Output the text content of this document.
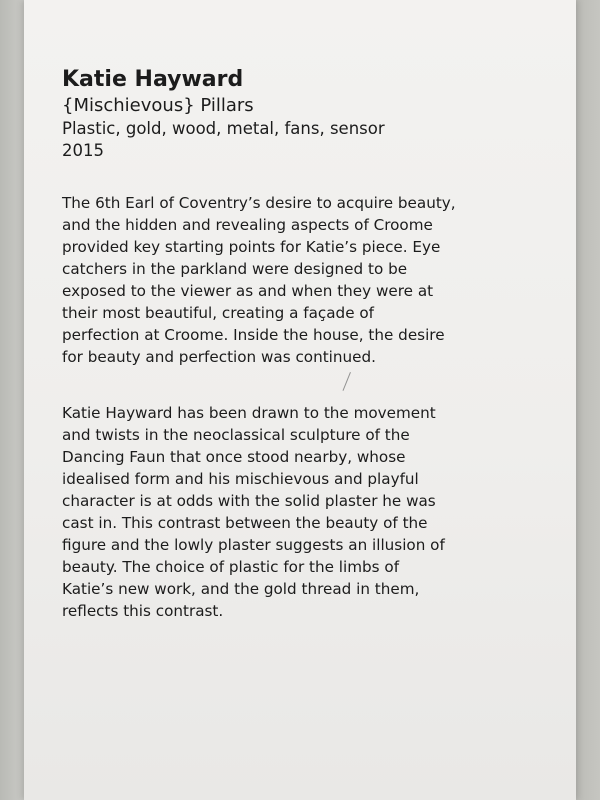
Katie Hayward

{Mischievous} Pillars

Plastic, gold, wood, metal, fans, sensor

2015

The 6th Earl of Coventry’s desire to acquire beauty,
and the hidden and revealing aspects of Croome
provided key starting points for Katie’s piece. Eye
catchers in the parkland were designed to be
exposed to the viewer as and when they were at
their most beautiful, creating a façade of
perfection at Croome. Inside the house, the desire
for beauty and perfection was continued.

Katie Hayward has been drawn to the movement
and twists in the neoclassical sculpture of the
Dancing Faun that once stood nearby, whose
idealised form and his mischievous and playful
character is at odds with the solid plaster he was
cast in. This contrast between the beauty of the
figure and the lowly plaster suggests an illusion of
beauty. The choice of plastic for the limbs of
Katie’s new work, and the gold thread in them,
reflects this contrast.
